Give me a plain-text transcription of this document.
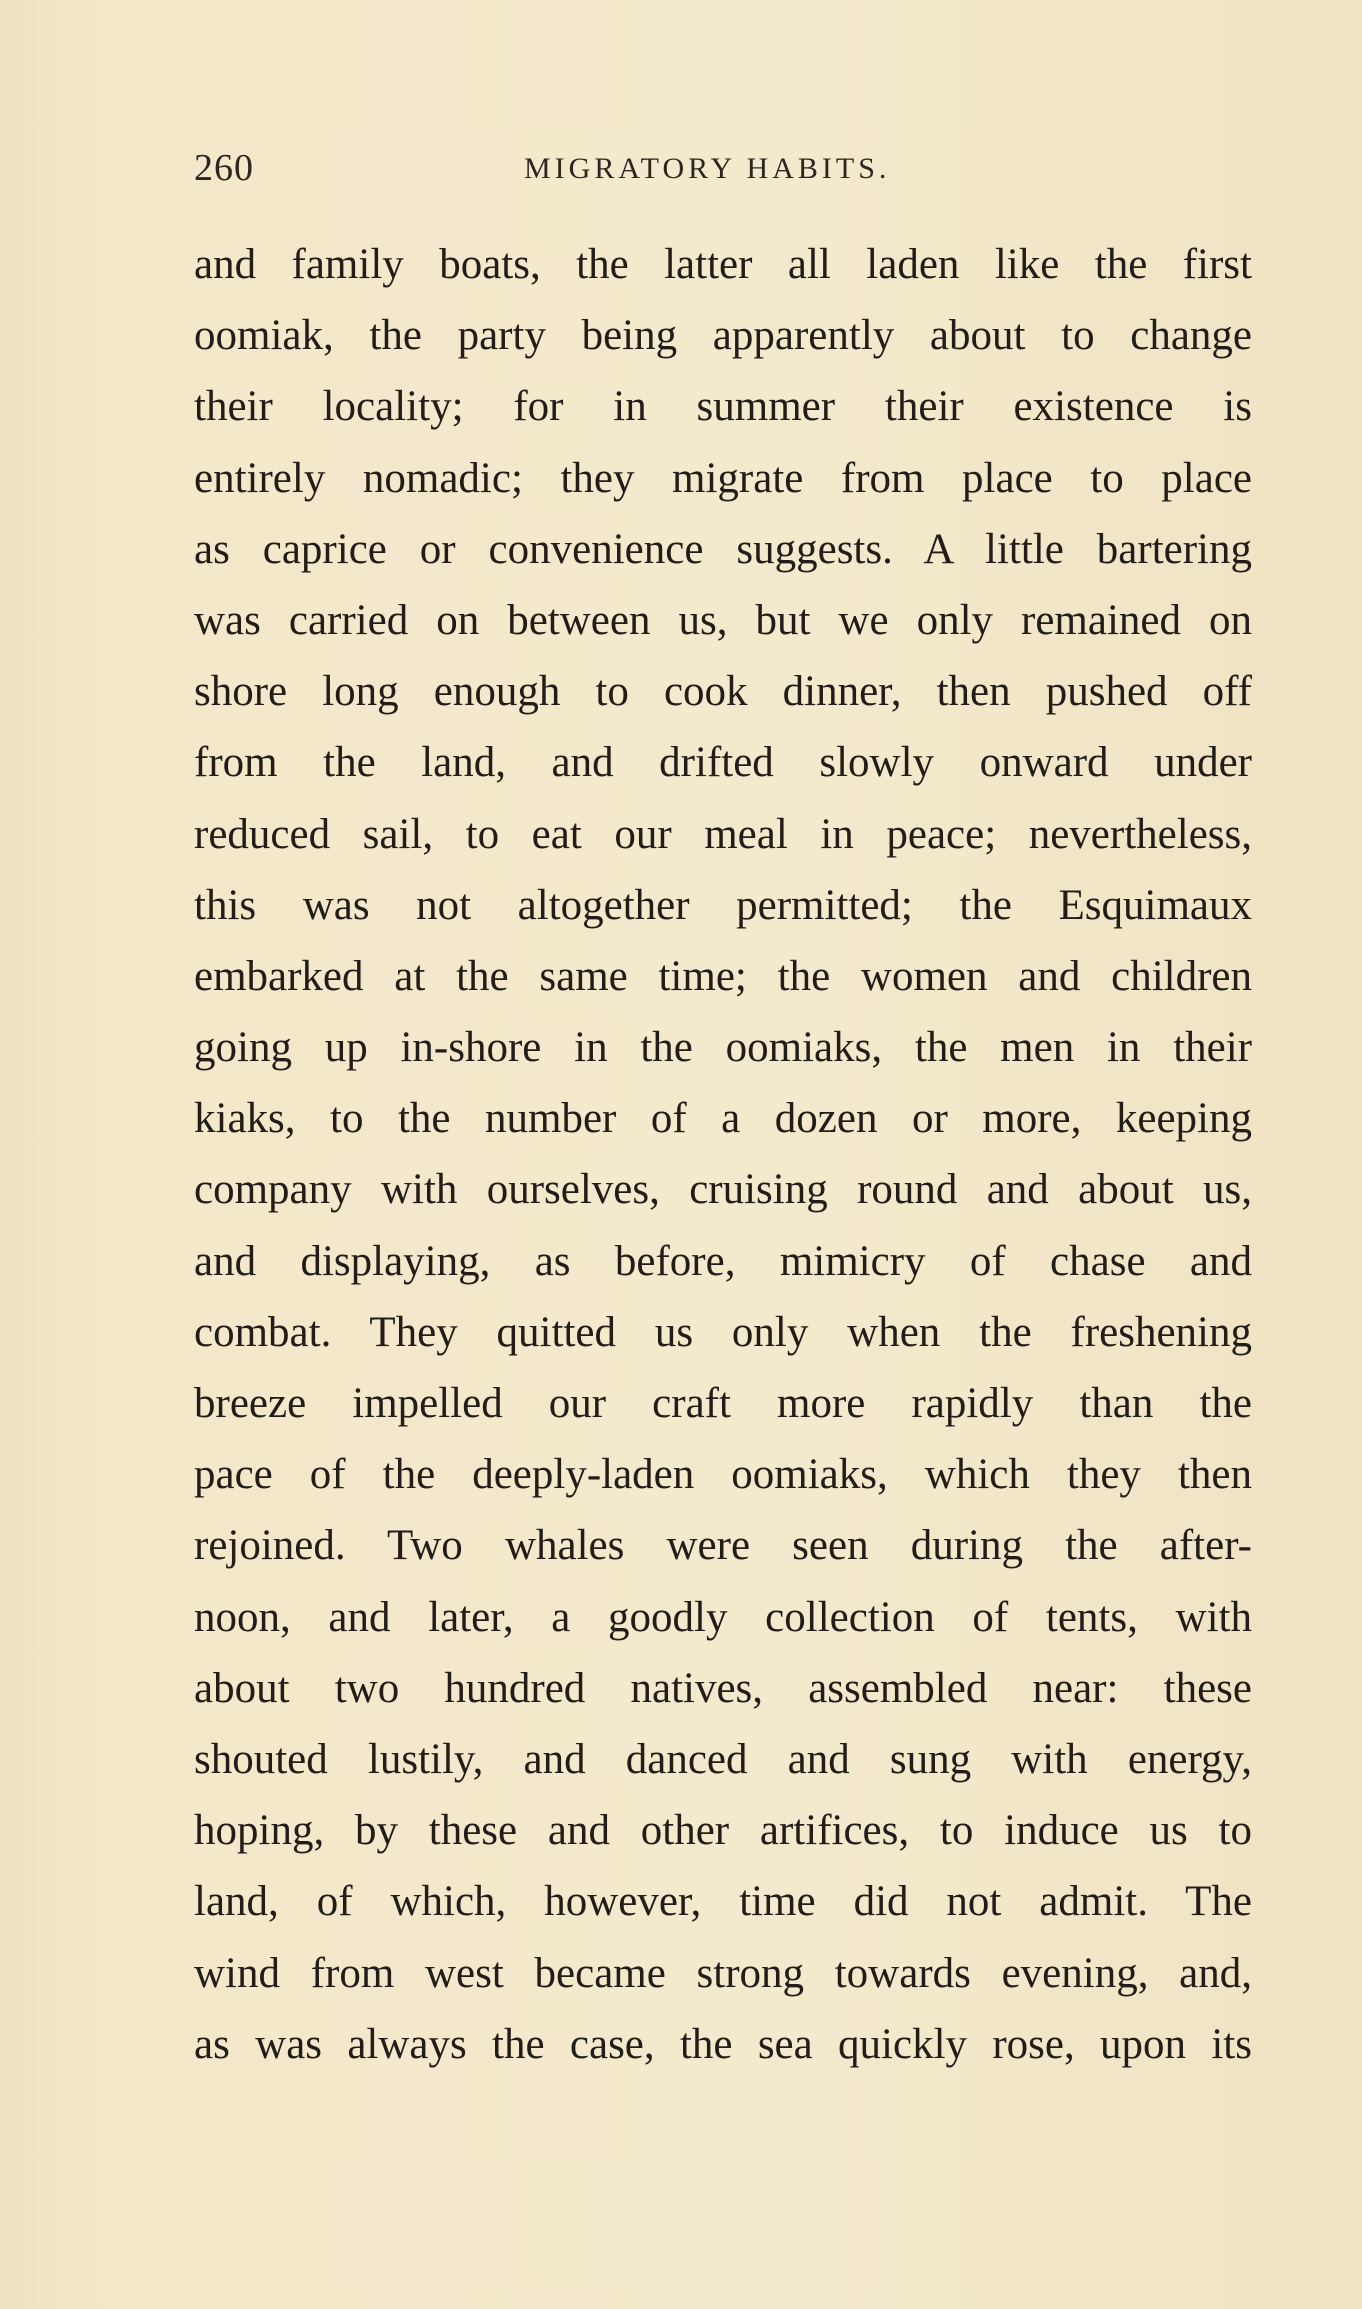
260	MIGRATORY HABITS.
and family boats, the latter all laden like the first
oomiak, the party being apparently about to change
their locality; for in summer their existence is
entirely nomadic; they migrate from place to place
as caprice or convenience suggests. A little bartering
was carried on between us, but we only remained on
shore long enough to cook dinner, then pushed off
from the land, and drifted slowly onward under
reduced sail, to eat our meal in peace; nevertheless,
this was not altogether permitted; the Esquimaux
embarked at the same time; the women and children
going up in-shore in the oomiaks, the men in their
kiaks, to the number of a dozen or more, keeping
company with ourselves, cruising round and about us,
and displaying, as before, mimicry of chase and
combat. They quitted us only when the freshening
breeze impelled our craft more rapidly than the
pace of the deeply-laden oomiaks, which they then
rejoined. Two whales were seen during the after-
noon, and later, a goodly collection of tents, with
about two hundred natives, assembled near: these
shouted lustily, and danced and sung with energy,
hoping, by these and other artifices, to induce us to
land, of which, however, time did not admit. The
wind from west became strong towards evening, and,
as was always the case, the sea quickly rose, upon its
